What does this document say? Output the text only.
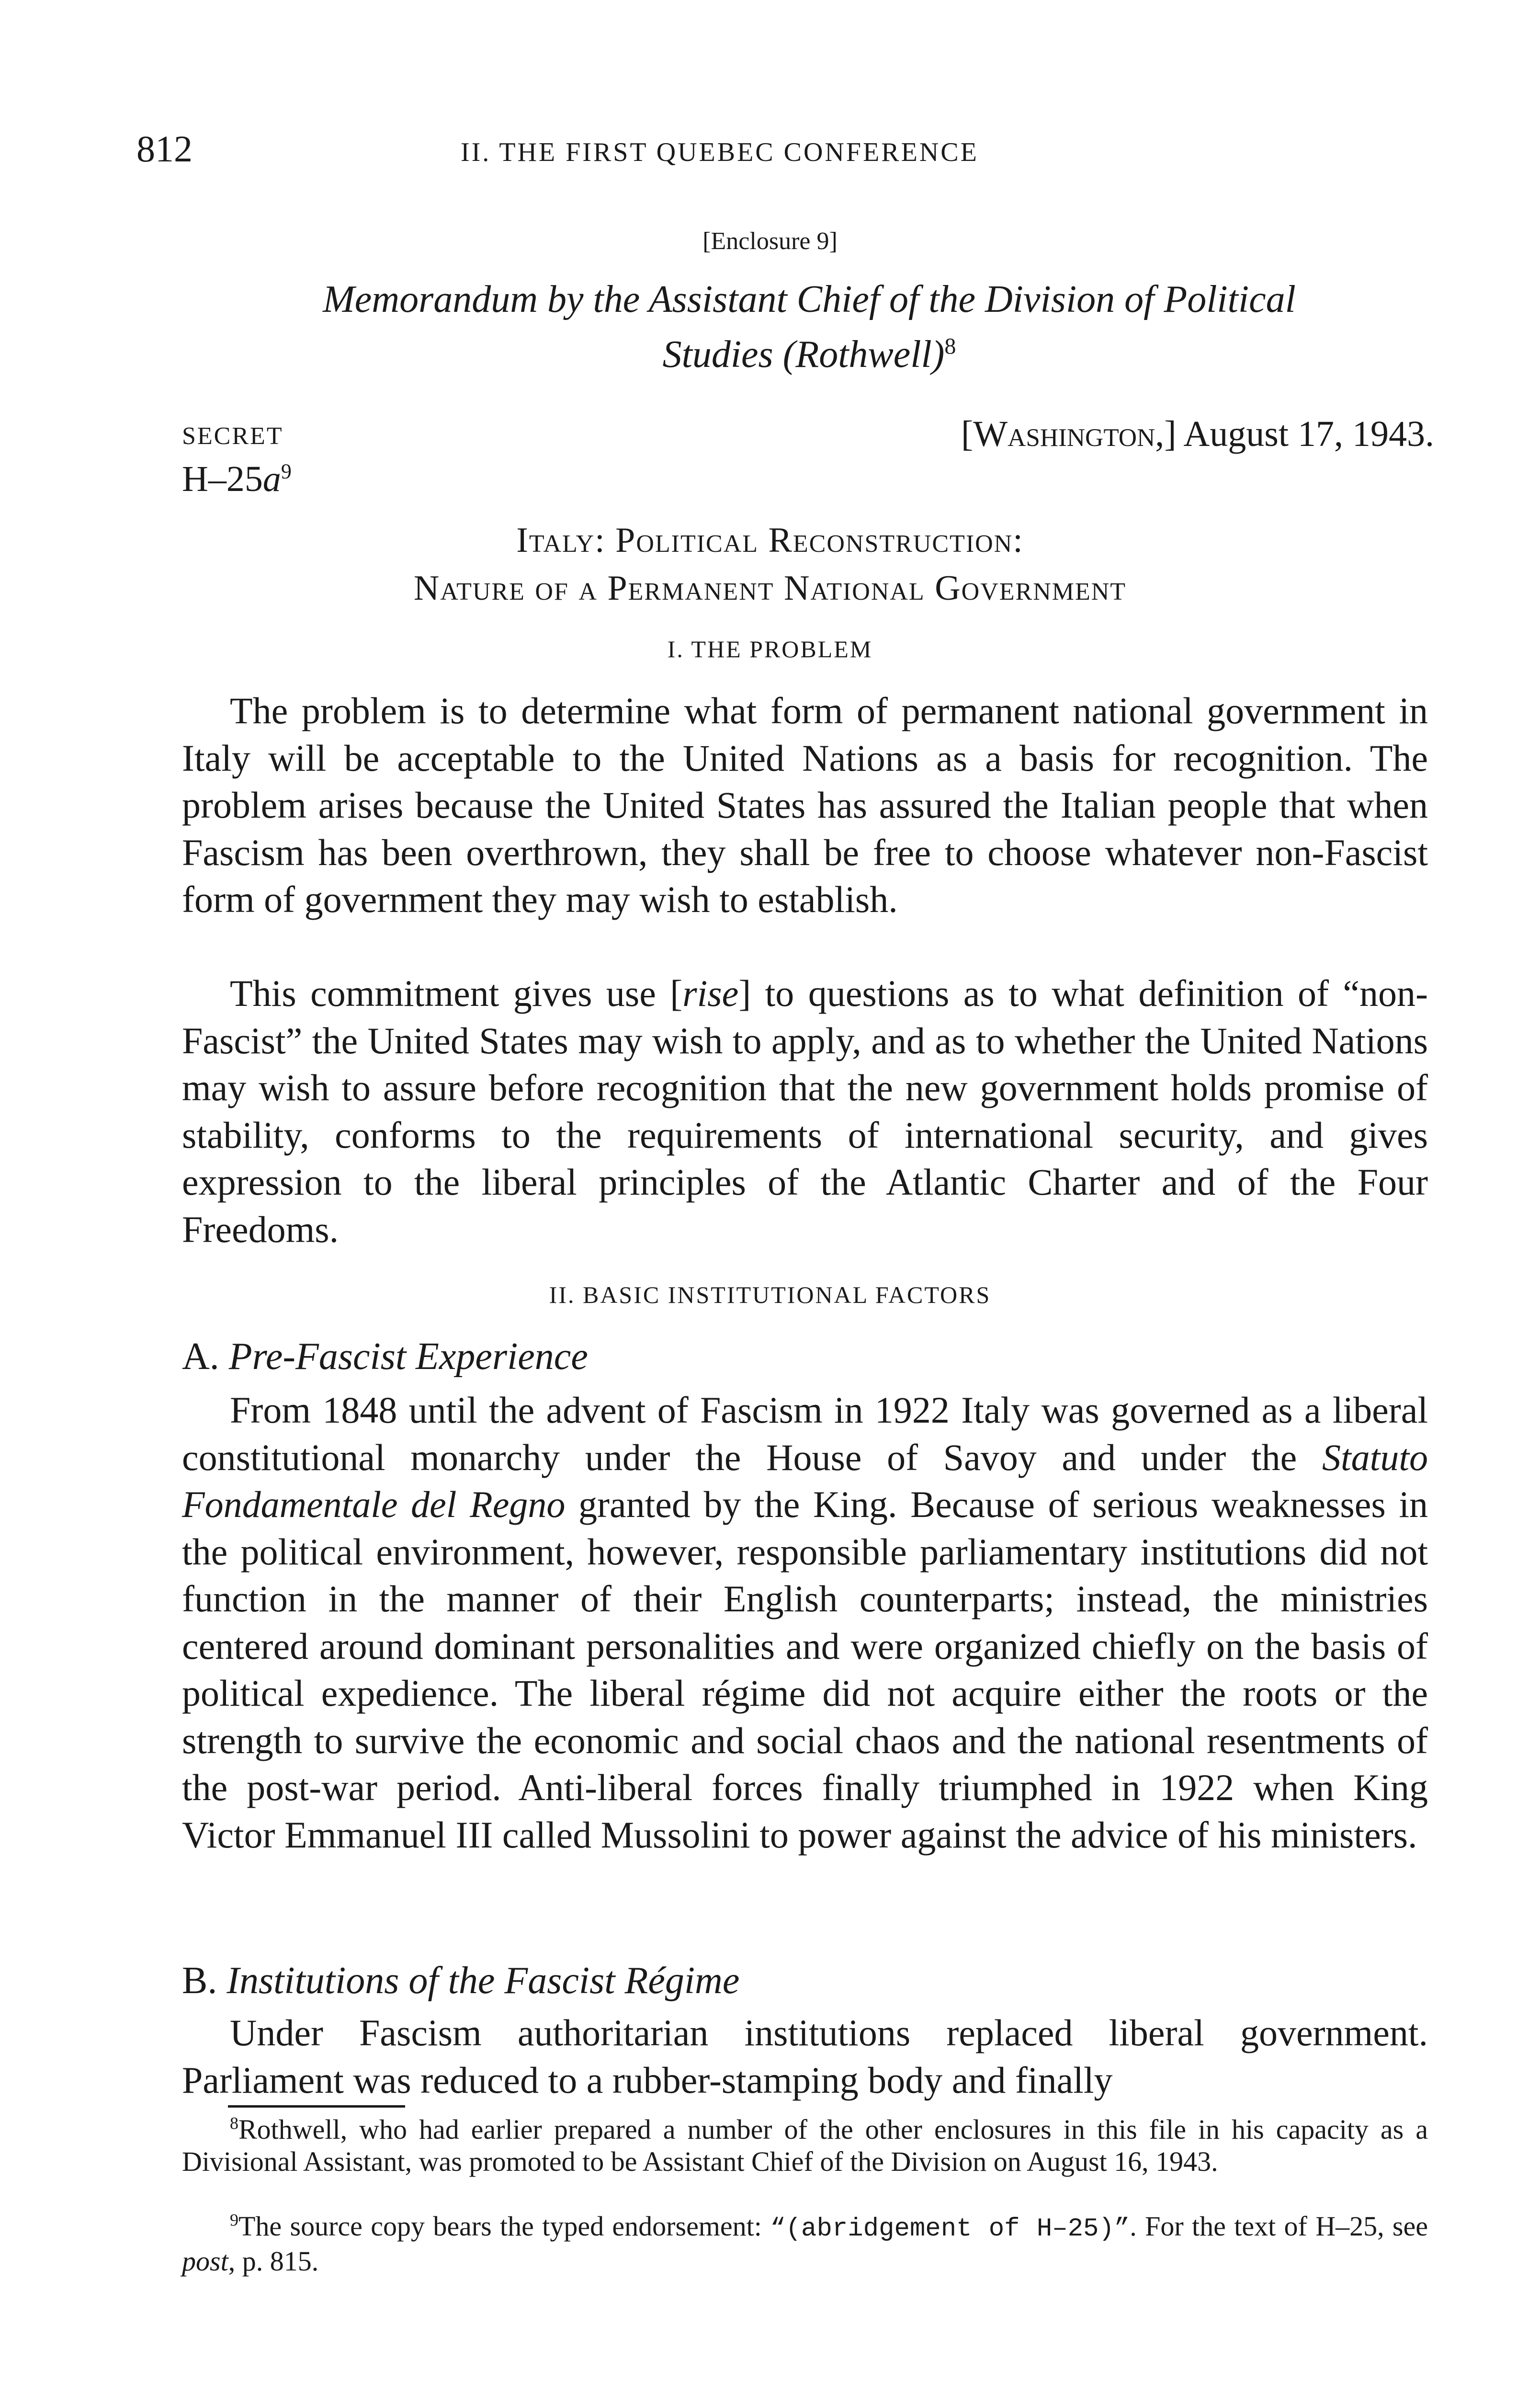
812	II. THE FIRST QUEBEC CONFERENCE
[Enclosure 9]
Memorandum by the Assistant Chief of the Division of Political
Studies (Rothwell)$^8$
SECRET
$H-25a^9$
[Washington,] August 17, 1943.
Italy: Political Reconstruction:
Nature of a Permanent National Government
I. THE PROBLEM

The problem is to determine what form of permanent national government in Italy will be acceptable to the United Nations as a basis for recognition. The problem arises because the United States has assured the Italian people that when Fascism has been overthrown, they shall be free to choose whatever non-Fascist form of government they may wish to establish.

This commitment gives use [rise] to questions as to what definition of “non-Fascist” the United States may wish to apply, and as to whether the United Nations may wish to assure before recognition that the new government holds promise of stability, conforms to the requirements of international security, and gives expression to the liberal principles of the Atlantic Charter and of the Four Freedoms.

II. BASIC INSTITUTIONAL FACTORS
A. Pre-Fascist Experience

From 1848 until the advent of Fascism in 1922 Italy was governed as a liberal constitutional monarchy under the House of Savoy and under the Statuto Fondamentale del Regno granted by the King. Because of serious weaknesses in the political environment, however, responsible parliamentary institutions did not function in the manner of their English counterparts; instead, the ministries centered around dominant personalities and were organized chiefly on the basis of political expedience. The liberal régime did not acquire either the roots or the strength to survive the economic and social chaos and the national resentments of the post-war period. Anti-liberal forces finally triumphed in 1922 when King Victor Emmanuel III called Mussolini to power against the advice of his ministers.

B. Institutions of the Fascist Régime

Under Fascism authoritarian institutions replaced liberal government. Parliament was reduced to a rubber-stamping body and finally

$^8$Rothwell, who had earlier prepared a number of the other enclosures in this file in his capacity as a Divisional Assistant, was promoted to be Assistant Chief of the Division on August 16, 1943.

$^9$The source copy bears the typed endorsement: “(abridgement of H–25)”. For the text of H–25, see post, p. 815.
